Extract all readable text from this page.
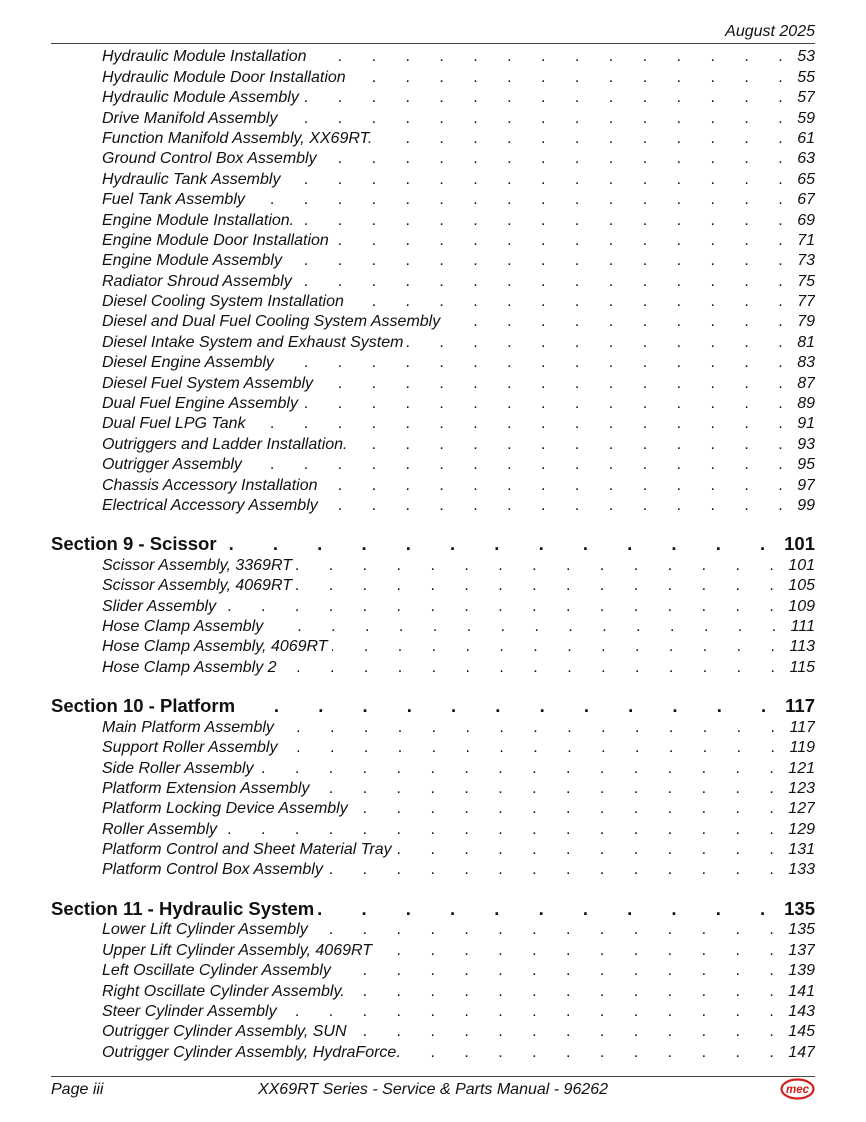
August 2025
Hydraulic Module Installation . . .	53
Hydraulic Module Door Installation . . .	55
Hydraulic Module Assembly . . .	57
Drive Manifold Assembly . . .	59
Function Manifold Assembly, XX69RT. . . .	61
Ground Control Box Assembly . . .	63
Hydraulic Tank Assembly . . .	65
Fuel Tank Assembly . . .	67
Engine Module Installation. . . .	69
Engine Module Door Installation . . .	71
Engine Module Assembly . . .	73
Radiator Shroud Assembly . . .	75
Diesel Cooling System Installation . . .	77
Diesel and Dual Fuel Cooling System Assembly . . .	79
Diesel Intake System and Exhaust System . . .	81
Diesel Engine Assembly . . .	83
Diesel Fuel System Assembly . . .	87
Dual Fuel Engine Assembly . . .	89
Dual Fuel LPG Tank . . .	91
Outriggers and Ladder Installation. . . .	93
Outrigger Assembly . . .	95
Chassis Accessory Installation . . .	97
Electrical Accessory Assembly . . .	99
Section 9 - Scissor . . .	101
Scissor Assembly, 3369RT . . .	101
Scissor Assembly, 4069RT . . .	105
Slider Assembly . . .	109
Hose Clamp Assembly . . .	111
Hose Clamp Assembly, 4069RT . . .	113
Hose Clamp Assembly 2 . . .	115
Section 10 - Platform . . .	117
Main Platform Assembly . . .	117
Support Roller Assembly . . .	119
Side Roller Assembly . . .	121
Platform Extension Assembly . . .	123
Platform Locking Device Assembly . . .	127
Roller Assembly . . .	129
Platform Control and Sheet Material Tray . . .	131
Platform Control Box Assembly . . .	133
Section 11 - Hydraulic System . . .	135
Lower Lift Cylinder Assembly . . .	135
Upper Lift Cylinder Assembly, 4069RT . . .	137
Left Oscillate Cylinder Assembly . . .	139
Right Oscillate Cylinder Assembly. . . .	141
Steer Cylinder Assembly . . .	143
Outrigger Cylinder Assembly, SUN . . .	145
Outrigger Cylinder Assembly, HydraForce. . . .	147
Page iii	XX69RT Series - Service & Parts Manual - 96262	mec
